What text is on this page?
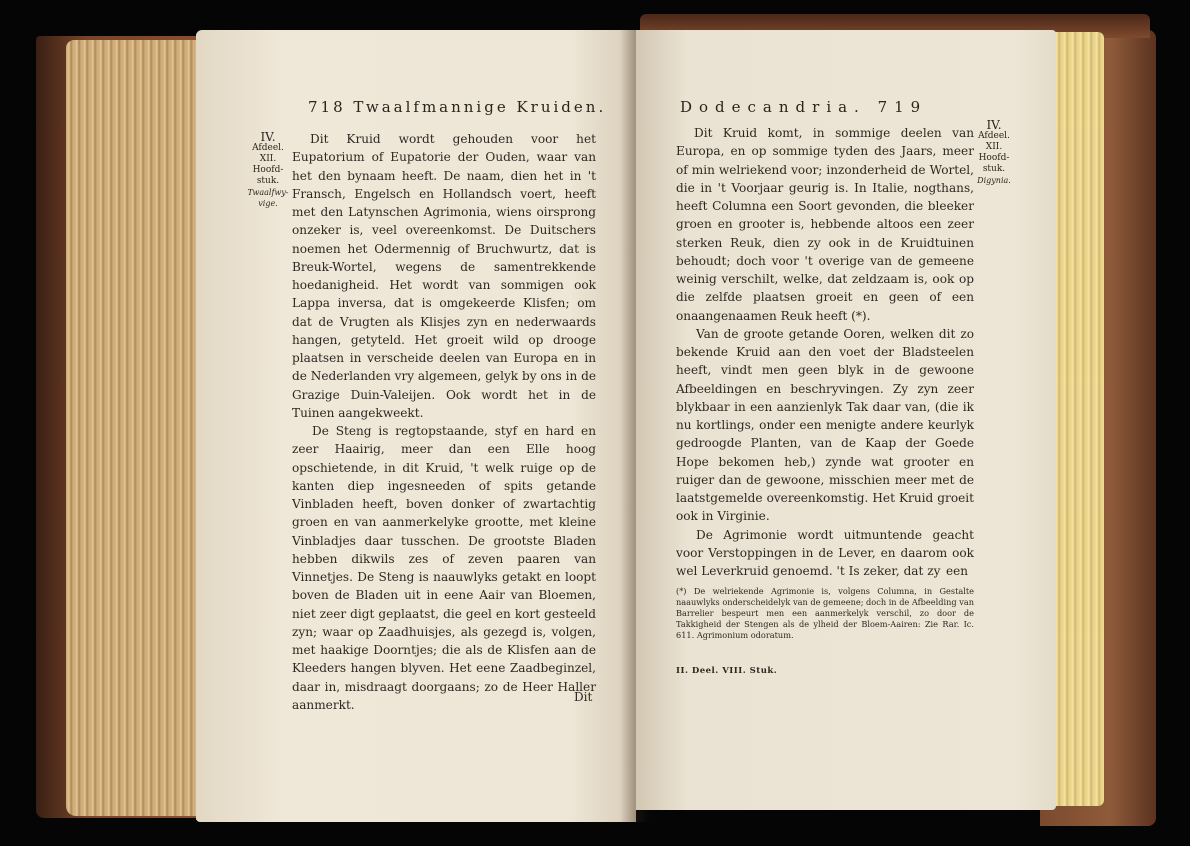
718 Twaalfmannige Kruiden.
IV.
Afdeel.
XII.
Hoofd-
stuk.
Twaalfwy-
vige.

Dit Kruid wordt gehouden voor het Eupatorium of Eupatorie der Ouden, waar van het den bynaam heeft. De naam, dien het in 't Fransch, Engelsch en Hollandsch voert, heeft met den Latynschen Agrimonia, wiens oirsprong onzeker is, veel overeenkomst. De Duitschers noemen het Odermennig of Bruchwurtz, dat is Breuk-Wortel, wegens de samentrekkende hoedanigheid. Het wordt van sommigen ook Lappa inversa, dat is omgekeerde Klisfen; om dat de Vrugten als Klisjes zyn en nederwaards hangen, getyteld. Het groeit wild op drooge plaatsen in verscheide deelen van Europa en in de Nederlanden vry algemeen, gelyk by ons in de Grazige Duin-Valeijen. Ook wordt het in de Tuinen aangekweekt.

De Steng is regtopstaande, styf en hard en zeer Haairig, meer dan een Elle hoog opschietende, in dit Kruid, 't welk ruige op de kanten diep ingesneeden of spits getande Vinbladen heeft, boven donker of zwartachtig groen en van aanmerkelyke grootte, met kleine Vinbladjes daar tusschen. De grootste Bladen hebben dikwils zes of zeven paaren van Vinnetjes. De Steng is naauwlyks getakt en loopt boven de Bladen uit in eene Aair van Bloemen, niet zeer digt geplaatst, die geel en kort gesteeld zyn; waar op Zaadhuisjes, als gezegd is, volgen, met haakige Doorntjes; die als de Klisfen aan de Kleeders hangen blyven. Het eene Zaadbeginzel, daar in, misdraagt doorgaans; zo de Heer Haller aanmerkt.

Dit
Dodecandria. 719
IV.
Afdeel.
XII.
Hoofd-
stuk.
Digynia.

Dit Kruid komt, in sommige deelen van Europa, en op sommige tyden des Jaars, meer of min welriekend voor; inzonderheid de Wortel, die in 't Voorjaar geurig is. In Italie, nogthans, heeft Columna een Soort gevonden, die bleeker groen en grooter is, hebbende altoos een zeer sterken Reuk, dien zy ook in de Kruidtuinen behoudt; doch voor 't overige van de gemeene weinig verschilt, welke, dat zeldzaam is, ook op die zelfde plaatsen groeit en geen of een onaangenaamen Reuk heeft (*).

Van de groote getande Ooren, welken dit zo bekende Kruid aan den voet der Bladsteelen heeft, vindt men geen blyk in de gewoone Afbeeldingen en beschryvingen. Zy zyn zeer blykbaar in een aanzienlyk Tak daar van, (die ik nu kortlings, onder een menigte andere keurlyk gedroogde Planten, van de Kaap der Goede Hope bekomen heb,) zynde wat grooter en ruiger dan de gewoone, misschien meer met de laatstgemelde overeenkomstig. Het Kruid groeit ook in Virginie.

De Agrimonie wordt uitmuntende geacht voor Verstoppingen in de Lever, en daarom ook wel Leverkruid genoemd. 't Is zeker, dat zy een
(*) De welriekende Agrimonie is, volgens Columna, in Gestalte naauwlyks onderscheidelyk van de gemeene; doch in de Afbeelding van Barrelier bespeurt men een aanmerkelyk verschil, zo door de Takkigheid der Stengen als de ylheid der Bloem-Aairen: Zie Rar. Ic. 611. Agrimonium odoratum.
II. Deel. VIII. Stuk.
